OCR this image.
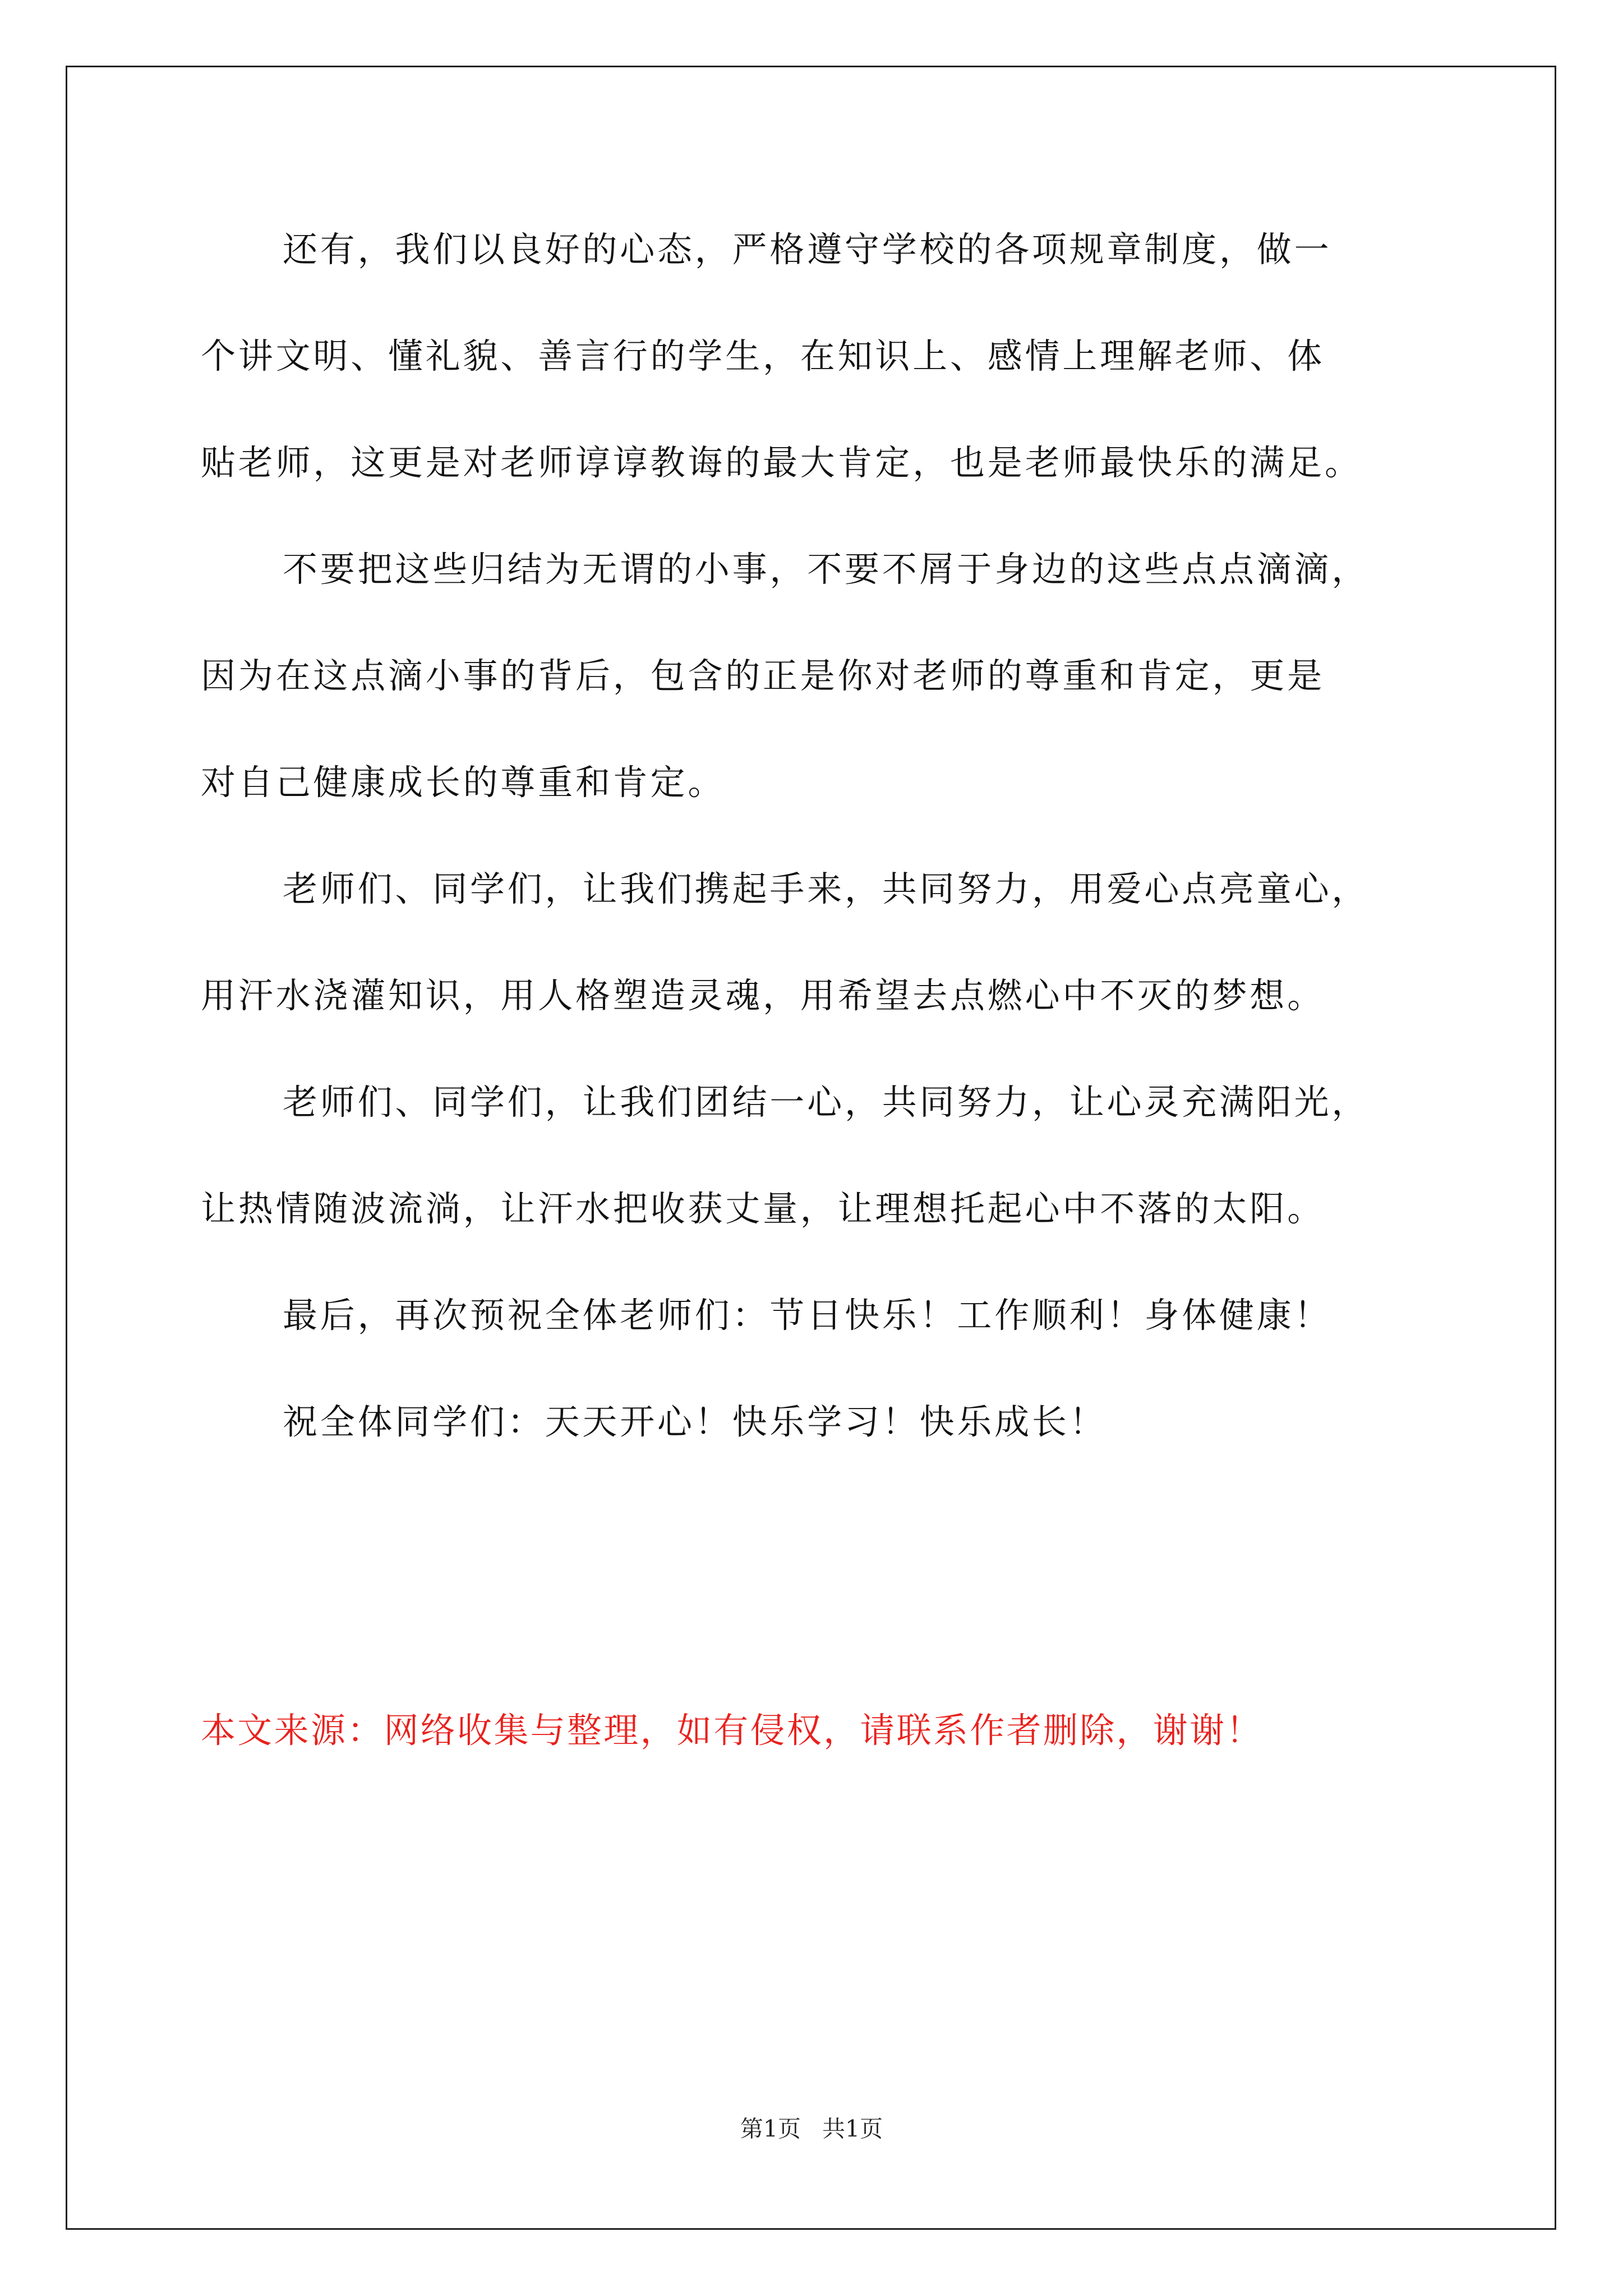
还有，我们以良好的心态，严格遵守学校的各项规章制度，做一

个讲文明、懂礼貌、善言行的学生，在知识上、感情上理解老师、体

贴老师，这更是对老师谆谆教诲的最大肯定，也是老师最快乐的满足。

不要把这些归结为无谓的小事，不要不屑于身边的这些点点滴滴，

因为在这点滴小事的背后，包含的正是你对老师的尊重和肯定，更是

对自己健康成长的尊重和肯定。

老师们、同学们，让我们携起手来，共同努力，用爱心点亮童心，

用汗水浇灌知识，用人格塑造灵魂，用希望去点燃心中不灭的梦想。

老师们、同学们，让我们团结一心，共同努力，让心灵充满阳光，

让热情随波流淌，让汗水把收获丈量，让理想托起心中不落的太阳。

最后，再次预祝全体老师们：节日快乐！工作顺利！身体健康！

祝全体同学们：天天开心！快乐学习！快乐成长！

本文来源：网络收集与整理，如有侵权，请联系作者删除，谢谢！

第1页 共1页
